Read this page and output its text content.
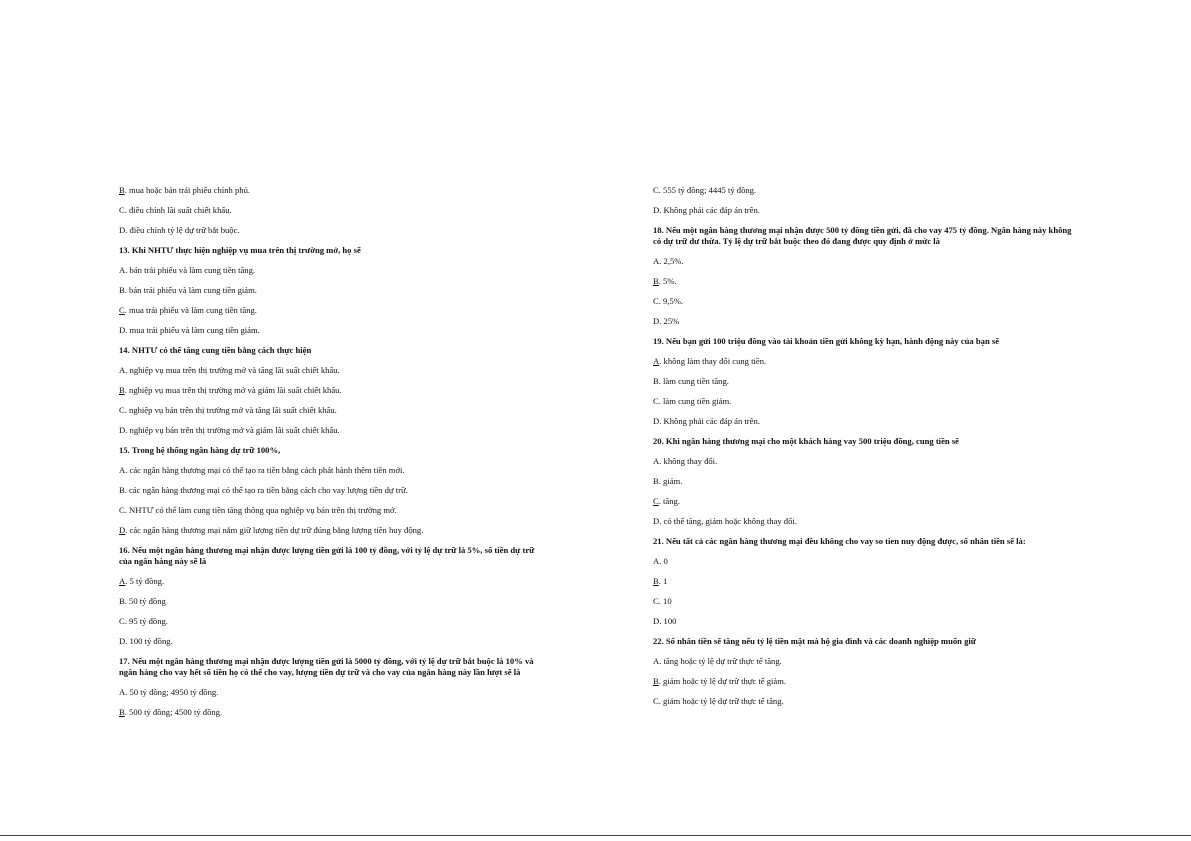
B. mua hoặc bán trái phiếu chính phủ.
C. điều chỉnh lãi suất chiết khấu.
D. điều chỉnh tỷ lệ dự trữ bắt buộc.
13. Khi NHTƯ thực hiện nghiệp vụ mua trên thị trường mở, họ sẽ
A. bán trái phiếu và làm cung tiền tăng.
B. bán trái phiếu và làm cung tiền giảm.
C. mua trái phiếu và làm cung tiền tăng.
D. mua trái phiếu và làm cung tiền giảm.
14. NHTƯ có thể tăng cung tiền bằng cách thực hiện
A. nghiệp vụ mua trên thị trường mở và tăng lãi suất chiết khấu.
B. nghiệp vụ mua trên thị trường mở và giảm lãi suất chiết khấu.
C. nghiệp vụ bán trên thị trường mở và tăng lãi suất chiết khấu.
D. nghiệp vụ bán trên thị trường mở và giảm lãi suất chiết khấu.
15. Trong hệ thống ngân hàng dự trữ 100%,
A. các ngân hàng thương mại có thể tạo ra tiền bằng cách phát hành thêm tiền mới.
B. các ngân hàng thương mại có thể tạo ra tiền bằng cách cho vay lượng tiền dự trữ.
C. NHTƯ có thể làm cung tiền tăng thông qua nghiệp vụ bán trên thị trường mở.
D. các ngân hàng thương mại nắm giữ lượng tiền dự trữ đúng bằng lượng tiền huy động.
16. Nếu một ngân hàng thương mại nhận được lượng tiền gửi là 100 tỷ đồng, với tỷ lệ dự trữ là 5%, số tiền dự trữ của ngân hàng này sẽ là
A. 5 tỷ đồng.
B. 50 tỷ đồng
C. 95 tỷ đồng.
D. 100 tỷ đồng.
17. Nếu một ngân hàng thương mại nhận được lượng tiền gửi là 5000 tỷ đồng, với tỷ lệ dự trữ bắt buộc là 10% và ngân hàng cho vay hết số tiền họ có thể cho vay, lượng tiền dự trữ và cho vay của ngân hàng này lần lượt sẽ là
A. 50 tỷ đồng; 4950 tỷ đồng.
B. 500 tỷ đồng; 4500 tỷ đồng.
C. 555 tỷ đồng; 4445 tỷ đồng.
D. Không phải các đáp án trên.
18. Nếu một ngân hàng thương mại nhận được 500 tỷ đồng tiền gửi, đã cho vay 475 tỷ đồng. Ngân hàng này không có dự trữ dư thừa. Tỷ lệ dự trữ bắt buộc theo đó đang được quy định ở mức là
A. 2,5%.
B. 5%.
C. 9,5%.
D. 25%
19. Nếu bạn gửi 100 triệu đồng vào tài khoản tiền gửi không kỳ hạn, hành động này của bạn sẽ
A. không làm thay đổi cung tiền.
B. làm cung tiền tăng.
C. làm cung tiền giảm.
D. Không phải các đáp án trên.
20. Khi ngân hàng thương mại cho một khách hàng vay 500 triệu đồng, cung tiền sẽ
A. không thay đổi.
B. giảm.
C. tăng.
D. có thể tăng, giảm hoặc không thay đổi.
21. Nếu tất cả các ngân hàng thương mại đều không cho vay so tien nuy động được, số nhân tiền sẽ là:
A. 0
B. 1
C. 10
D. 100
22. Số nhân tiền sẽ tăng nếu tỷ lệ tiền mặt mà hộ gia đình và các doanh nghiệp muốn giữ
A. tăng hoặc tỷ lệ dự trữ thực tế tăng.
B. giảm hoặc tỷ lệ dự trữ thực tế giảm.
C. giảm hoặc tỷ lệ dự trữ thực tế tăng.
